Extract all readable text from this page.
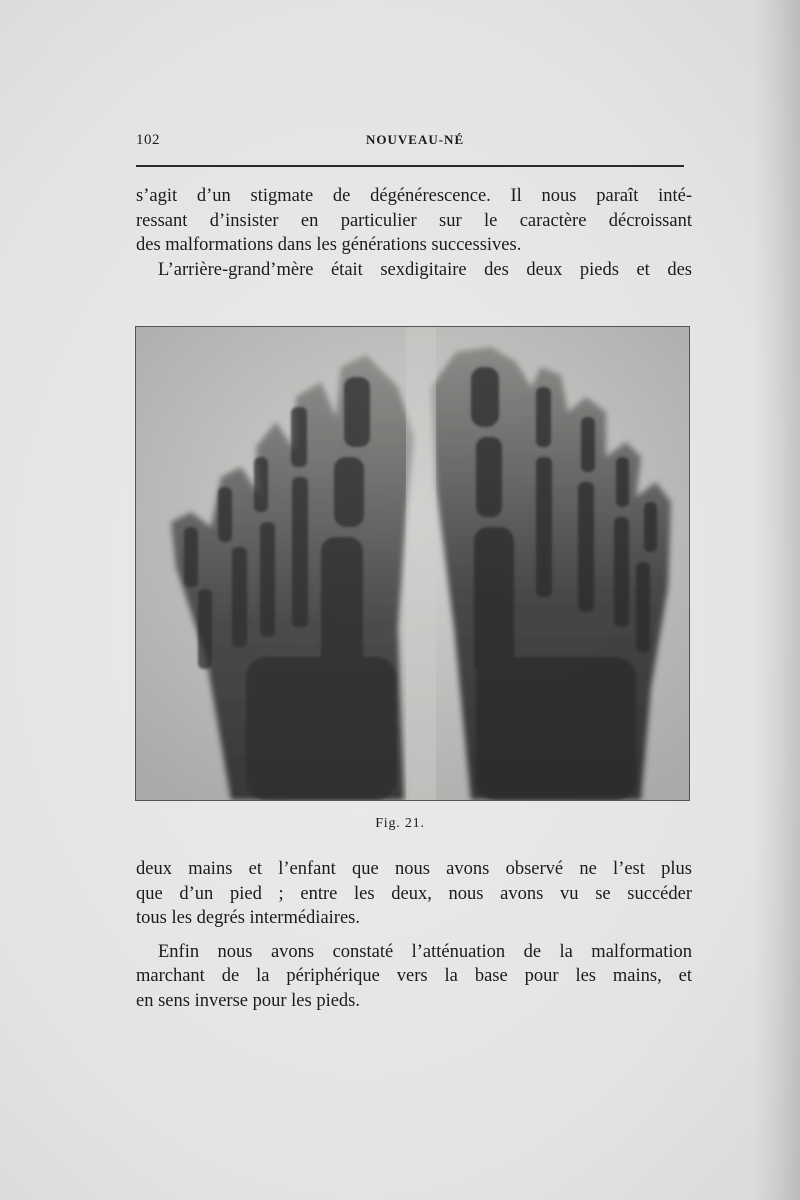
102	NOUVEAU-NÉ

s’agit d’un stigmate de dégénérescence. Il nous paraît inté-
ressant d’insister en particulier sur le caractère décroissant
des malformations dans les générations successives.

L’arrière-grand’mère était sexdigitaire des deux pieds et des

Fig. 21.

deux mains et l’enfant que nous avons observé ne l’est plus
que d’un pied ; entre les deux, nous avons vu se succéder
tous les degrés intermédiaires.

Enfin nous avons constaté l’atténuation de la malformation
marchant de la périphérique vers la base pour les mains, et
en sens inverse pour les pieds.
